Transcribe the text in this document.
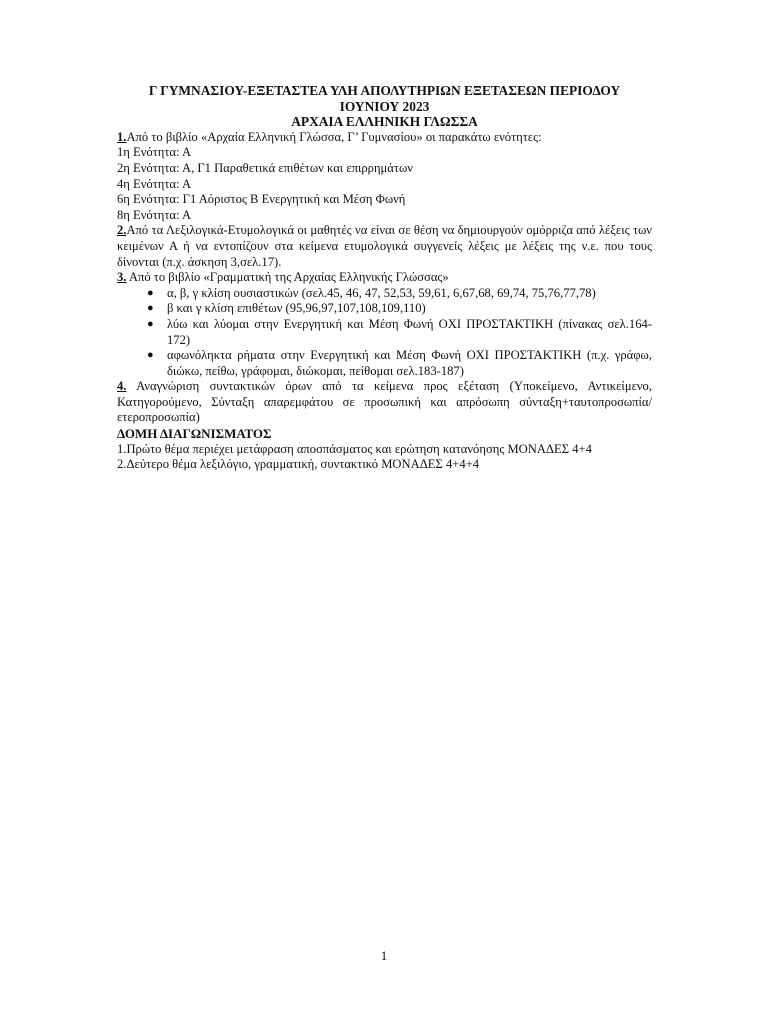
Γ ΓΥΜΝΑΣΙΟΥ-ΕΞΕΤΑΣΤΕΑ ΥΛΗ ΑΠΟΛΥΤΗΡΙΩΝ ΕΞΕΤΑΣΕΩΝ ΠΕΡΙΟΔΟΥ

ΙΟΥΝΙΟΥ 2023

ΑΡΧΑΙΑ ΕΛΛΗΝΙΚΗ ΓΛΩΣΣΑ

1.Από το βιβλίο «Αρχαία Ελληνική Γλώσσα, Γ’ Γυμνασίου» οι παρακάτω ενότητες:

1η Ενότητα: Α

2η Ενότητα: Α, Γ1 Παραθετικά επιθέτων και επιρρημάτων

4η Ενότητα: Α

6η Ενότητα: Γ1 Αόριστος Β Ενεργητική και Μέση Φωνή

8η Ενότητα: Α

2.Από τα Λεξιλογικά-Ετυμολογικά οι μαθητές να είναι σε θέση να δημιουργούν ομόρριζα από λέξεις των κειμένων Α ή να εντοπίζουν στα κείμενα ετυμολογικά συγγενείς λέξεις με λέξεις της ν.ε. που τους δίνονται (π.χ. άσκηση 3,σελ.17).

3. Από το βιβλίο «Γραμματική της Αρχαίας Ελληνικής Γλώσσας»

● α, β, γ κλίση ουσιαστικών (σελ.45, 46, 47, 52,53, 59,61, 6,67,68, 69,74, 75,76,77,78)
● β και γ κλίση επιθέτων (95,96,97,107,108,109,110)
● λύω και λύομαι στην Ενεργητική και Μέση Φωνή ΟΧΙ ΠΡΟΣΤΑΚΤΙΚΗ (πίνακας σελ.164-172)
● αφωνόληκτα ρήματα στην Ενεργητική και Μέση Φωνή ΟΧΙ ΠΡΟΣΤΑΚΤΙΚΗ (π.χ. γράφω, διώκω, πείθω, γράφομαι, διώκομαι, πείθομαι σελ.183-187)

4. Αναγνώριση συντακτικών όρων από τα κείμενα προς εξέταση (Υποκείμενο, Αντικείμενο, Κατηγορούμενο, Σύνταξη απαρεμφάτου σε προσωπική και απρόσωπη σύνταξη+ταυτοπροσωπία/ετεροπροσωπία)

ΔΟΜΗ ΔΙΑΓΩΝΙΣΜΑΤΟΣ

1.Πρώτο θέμα περιέχει μετάφραση αποσπάσματος και ερώτηση κατανόησης ΜΟΝΑΔΕΣ 4+4

2.Δεύτερο θέμα λεξιλόγιο, γραμματική, συντακτικό ΜΟΝΑΔΕΣ 4+4+4

1
